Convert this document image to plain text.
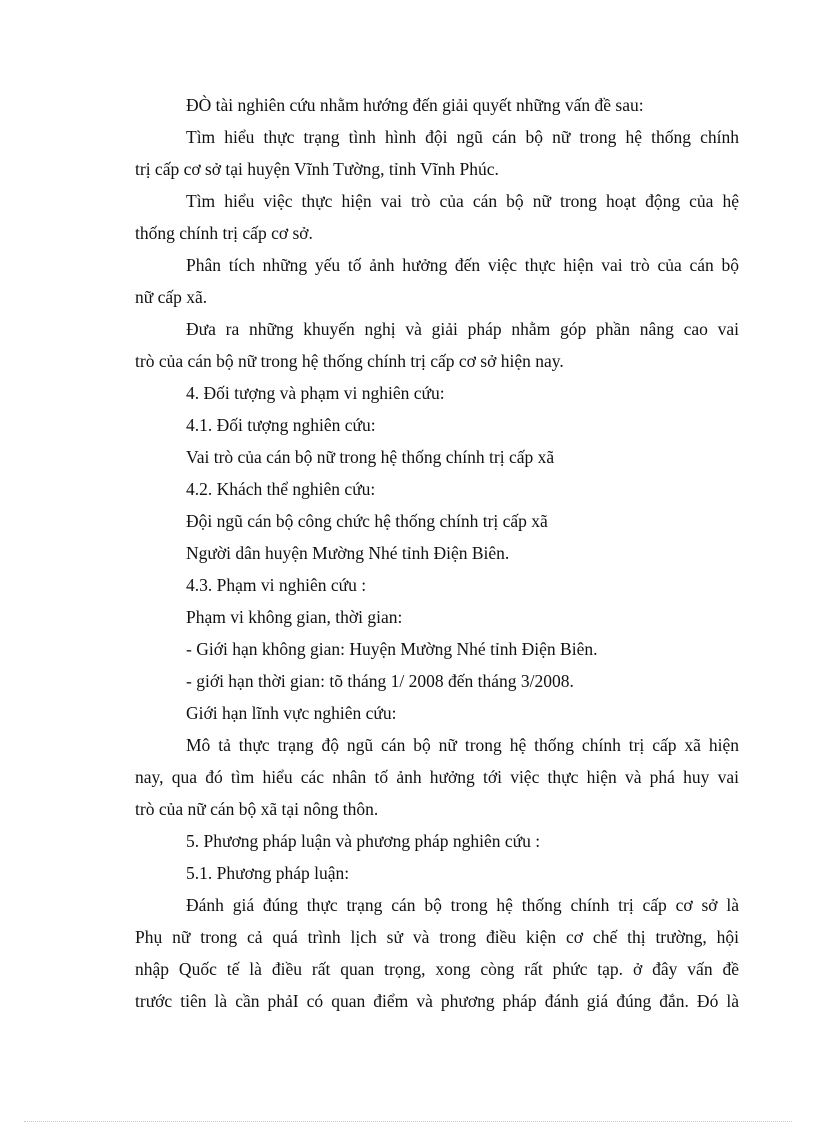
ĐÒ tài nghiên cứu nhằm hướng đến giải quyết những vấn đề sau:
Tìm hiểu thực trạng tình hình đội ngũ cán bộ nữ trong hệ thống chính
trị cấp cơ sở tại huyện Vĩnh Tường, tỉnh Vĩnh Phúc.
Tìm hiểu việc thực hiện vai trò của cán bộ nữ trong hoạt động của hệ
thống chính trị cấp cơ sở.
Phân tích những yếu tố ảnh hưởng đến việc thực hiện vai trò của cán bộ
nữ cấp xã.
Đưa ra những khuyến nghị và giải pháp nhằm góp phần nâng cao vai
trò của cán bộ nữ trong hệ thống chính trị cấp cơ sở hiện nay.
4. Đối tượng và phạm vi nghiên cứu:
4.1. Đối tượng nghiên cứu:
Vai trò của cán bộ nữ trong hệ thống chính trị cấp xã
4.2. Khách thể nghiên cứu:
Đội ngũ cán bộ công chức hệ thống chính trị cấp xã
Người dân huyện Mường Nhé tỉnh Điện Biên.
4.3. Phạm vi nghiên cứu :
Phạm vi không gian, thời gian:
- Giới hạn không gian: Huyện Mường Nhé tỉnh Điện Biên.
- giới hạn thời gian: tõ tháng 1/ 2008 đến tháng 3/2008.
Giới hạn lĩnh vực nghiên cứu:
Mô tả thực trạng độ ngũ cán bộ nữ trong hệ thống chính trị cấp xã hiện
nay, qua đó tìm hiểu các nhân tố ảnh hưởng tới việc thực hiện và phá huy vai
trò của nữ cán bộ xã tại nông thôn.
5. Phương pháp luận và phương pháp nghiên cứu :
5.1. Phương pháp luận:
Đánh giá đúng thực trạng cán bộ trong hệ thống chính trị cấp cơ sở là
Phụ nữ trong cả quá trình lịch sử và trong điều kiện cơ chế thị trường, hội
nhập Quốc tế là điều rất quan trọng, xong còng rất phức tạp. ở đây vấn đề
trước tiên là cần phảI có quan điểm và phương pháp đánh giá đúng đắn. Đó là
